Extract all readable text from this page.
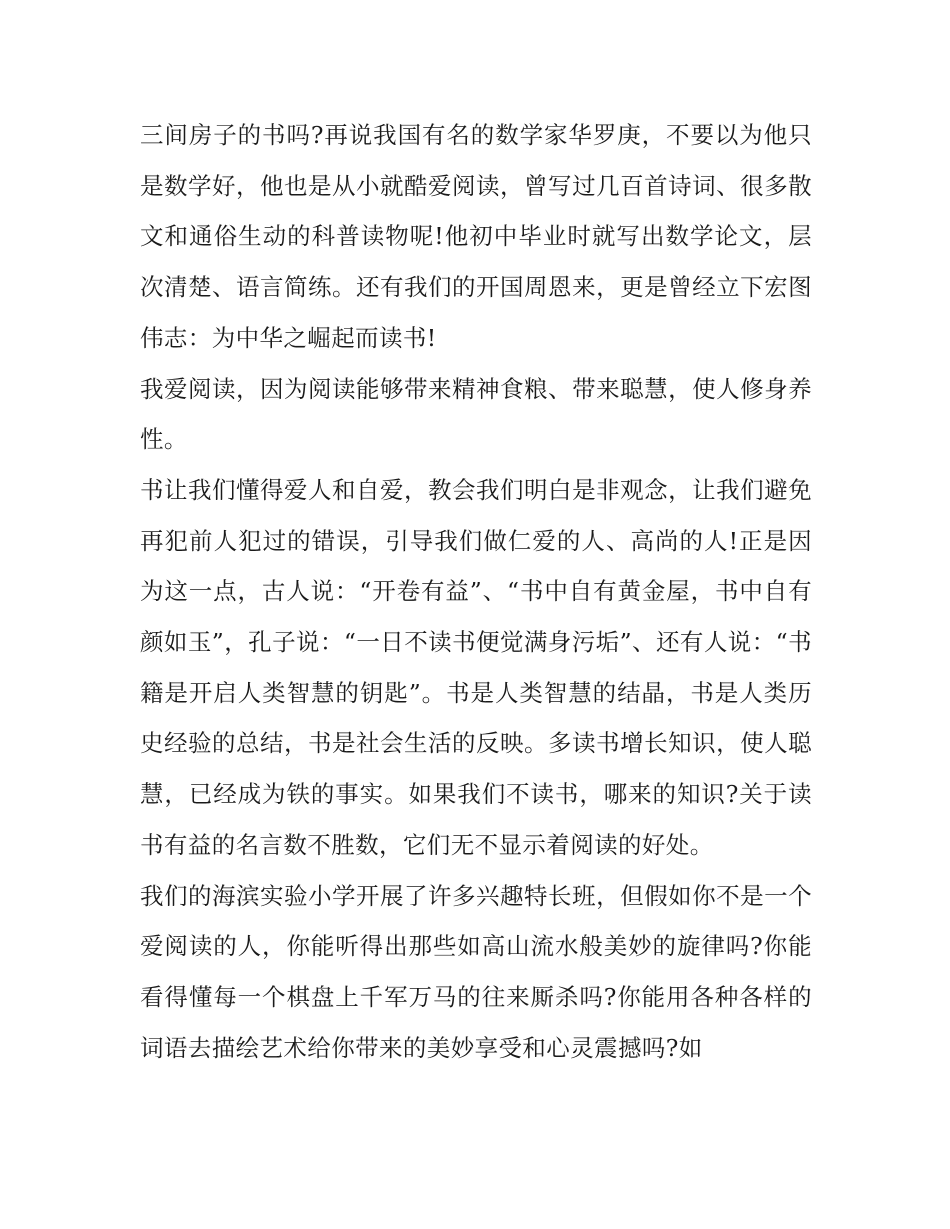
三间房子的书吗?再说我国有名的数学家华罗庚，不要以为他只是数学好，他也是从小就酷爱阅读，曾写过几百首诗词、很多散文和通俗生动的科普读物呢!他初中毕业时就写出数学论文，层次清楚、语言简练。还有我们的开国周恩来，更是曾经立下宏图伟志：为中华之崛起而读书!

我爱阅读，因为阅读能够带来精神食粮、带来聪慧，使人修身养性。

书让我们懂得爱人和自爱，教会我们明白是非观念，让我们避免再犯前人犯过的错误，引导我们做仁爱的人、高尚的人!正是因为这一点，古人说：“开卷有益”、“书中自有黄金屋，书中自有颜如玉”，孔子说：“一日不读书便觉满身污垢”、还有人说：“书籍是开启人类智慧的钥匙”。书是人类智慧的结晶，书是人类历史经验的总结，书是社会生活的反映。多读书增长知识，使人聪慧，已经成为铁的事实。如果我们不读书，哪来的知识?关于读书有益的名言数不胜数，它们无不显示着阅读的好处。

我们的海滨实验小学开展了许多兴趣特长班，但假如你不是一个爱阅读的人，你能听得出那些如高山流水般美妙的旋律吗?你能看得懂每一个棋盘上千军万马的往来厮杀吗?你能用各种各样的词语去描绘艺术给你带来的美妙享受和心灵震撼吗?如
